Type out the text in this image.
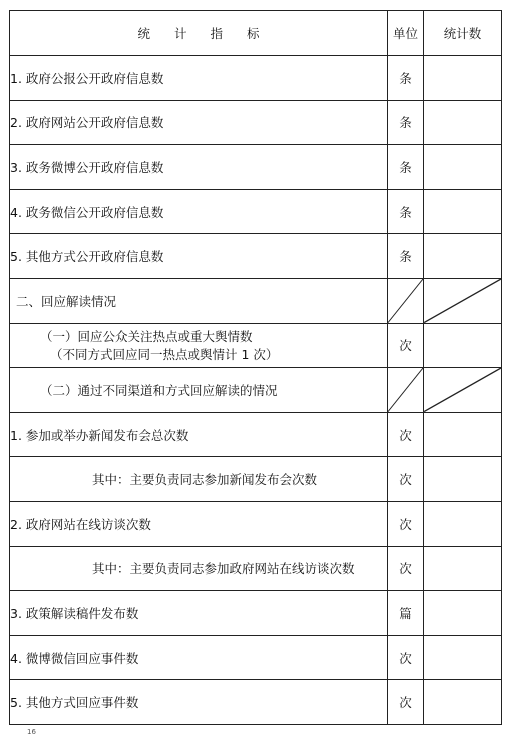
统 计 指 标	单位	统计数

1. 政府公报公开政府信息数	条	

2. 政府网站公开政府信息数	条	

3. 政务微博公开政府信息数	条	

4. 政务微信公开政府信息数	条	

5. 其他方式公开政府信息数	条	

二、回应解读情况

（一）回应公众关注热点或重大舆情数
（不同方式回应同一热点或舆情计 1 次）	次	

（二）通过不同渠道和方式回应解读的情况

1. 参加或举办新闻发布会总次数	次	

其中：主要负责同志参加新闻发布会次数	次	

2. 政府网站在线访谈次数	次	

其中：主要负责同志参加政府网站在线访谈次数	次	

3. 政策解读稿件发布数	篇	

4. 微博微信回应事件数	次	

5. 其他方式回应事件数	次	
16
